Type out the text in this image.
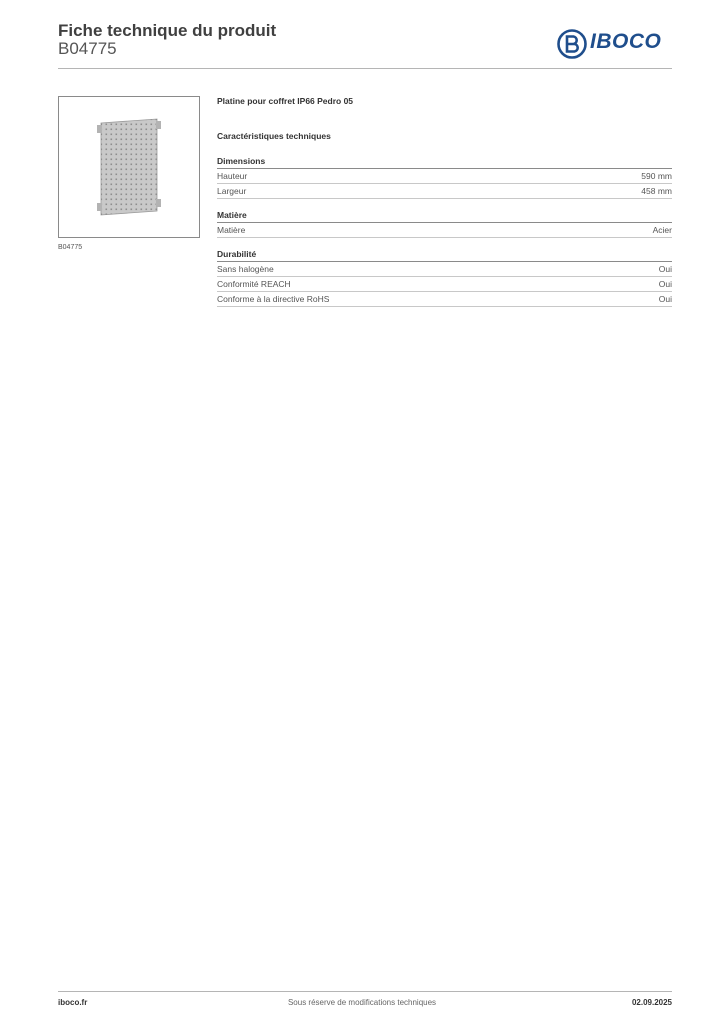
Fiche technique du produit
B04775	IBOCO
B04775
Platine pour coffret IP66 Pedro 05
Caractéristiques techniques
Dimensions
Hauteur	590 mm
Largeur	458 mm
Matière
Matière	Acier
Durabilité
Sans halogène	Oui
Conformité REACH	Oui
Conforme à la directive RoHS	Oui
iboco.fr	Sous réserve de modifications techniques	02.09.2025
